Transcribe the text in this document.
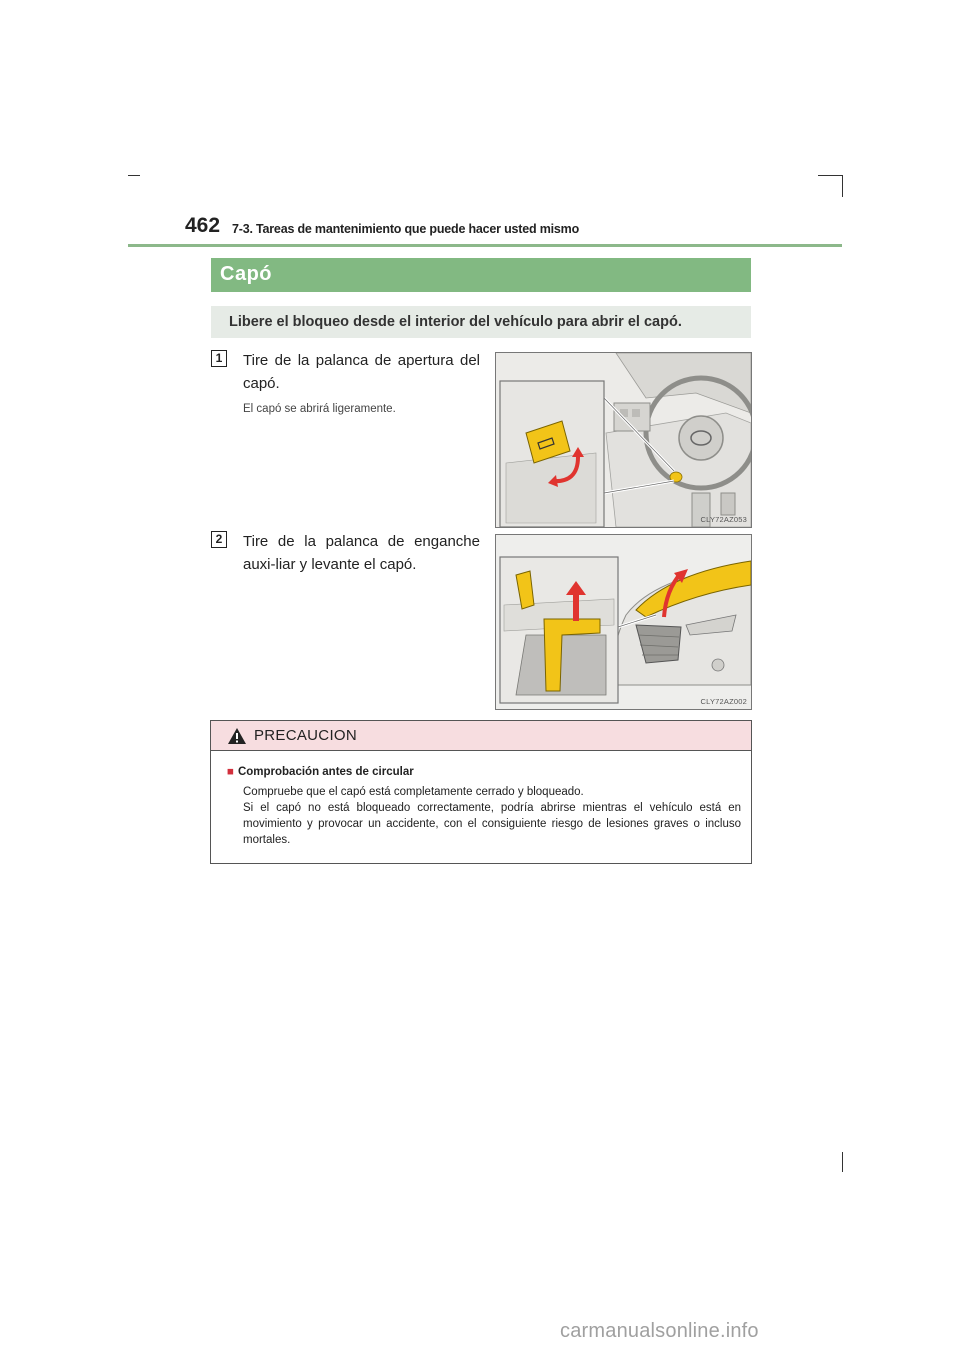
462 7-3. Tareas de mantenimiento que puede hacer usted mismo
Capó
Libere el bloqueo desde el interior del vehículo para abrir el capó.
1	Tire de la palanca de apertura del capó.
El capó se abrirá ligeramente.
CLY72AZ053
2	Tire de la palanca de enganche auxi-liar y levante el capó.
CLY72AZ002
PRECAUCION
■ Comprobación antes de circular

Compruebe que el capó está completamente cerrado y bloqueado.

Si el capó no está bloqueado correctamente, podría abrirse mientras el vehículo está en movimiento y provocar un accidente, con el consiguiente riesgo de lesiones graves o incluso mortales.

carmanualsonline.info
